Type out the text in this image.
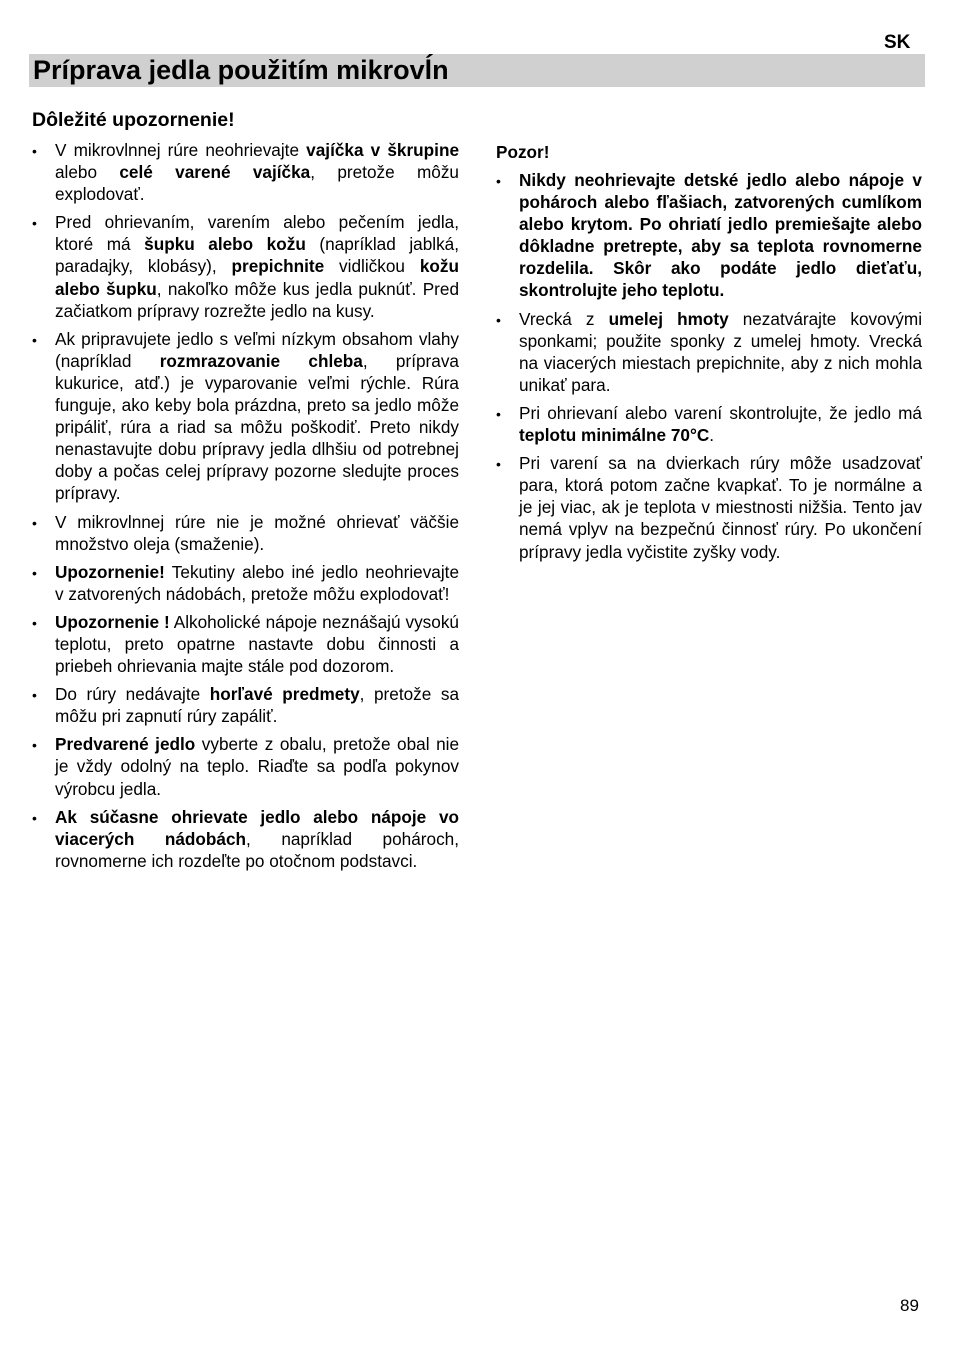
SK
Príprava jedla použitím mikrovĺn
Dôležité upozornenie!
•
V mikrovlnnej rúre neohrievajte vajíčka v škrupine alebo celé varené vajíčka, pretože môžu explodovať.
•
Pred ohrievaním, varením alebo pečením jedla, ktoré má šupku alebo kožu (napríklad jablká, paradajky, klobásy), prepichnite vidličkou kožu alebo šupku, nakoľko môže kus jedla puknúť. Pred začiatkom prípravy rozrežte jedlo na kusy.
•
Ak pripravujete jedlo s veľmi nízkym obsahom vlahy (napríklad rozmrazovanie chleba, príprava kukurice, atď.) je vyparovanie veľmi rýchle. Rúra funguje, ako keby bola prázdna, preto sa jedlo môže pripáliť, rúra a riad sa môžu poškodiť. Preto nikdy nenastavujte dobu prípravy jedla dlhšiu od potrebnej doby a počas celej prípravy pozorne sledujte proces prípravy.
•
V mikrovlnnej rúre nie je možné ohrievať väčšie množstvo oleja (smaženie).
•
Upozornenie! Tekutiny alebo iné jedlo neohrievajte v zatvorených nádobách, pretože môžu explodovať!
•
Upozornenie ! Alkoholické nápoje neznášajú vysokú teplotu, preto opatrne nastavte dobu činnosti a priebeh ohrievania majte stále pod dozorom.
•
Do rúry nedávajte horľavé predmety, pretože sa môžu pri zapnutí rúry zapáliť.
•
Predvarené jedlo vyberte z obalu, pretože obal nie je vždy odolný na teplo. Riaďte sa podľa pokynov výrobcu jedla.
•
Ak súčasne ohrievate jedlo alebo nápoje vo viacerých nádobách, napríklad pohároch, rovnomerne ich rozdeľte po otočnom podstavci.
Pozor!
•
Nikdy neohrievajte detské jedlo alebo nápoje v pohároch alebo fľašiach, zatvorených cumlíkom alebo krytom. Po ohriatí jedlo premiešajte alebo dôkladne pretrepte, aby sa teplota rovnomerne rozdelila. Skôr ako podáte jedlo dieťaťu, skontrolujte jeho teplotu.
•
Vrecká z umelej hmoty nezatvárajte kovovými sponkami; použite sponky z umelej hmoty. Vrecká na viacerých miestach prepichnite, aby z nich mohla unikať para.
•
Pri ohrievaní alebo varení skontrolujte, že jedlo má teplotu minimálne 70°C.
•
Pri varení sa na dvierkach rúry môže usadzovať para, ktorá potom začne kvapkať. To je normálne a je jej viac, ak je teplota v miestnosti nižšia. Tento jav nemá vplyv na bezpečnú činnosť rúry. Po ukončení prípravy jedla vyčistite zyšky vody.
89
